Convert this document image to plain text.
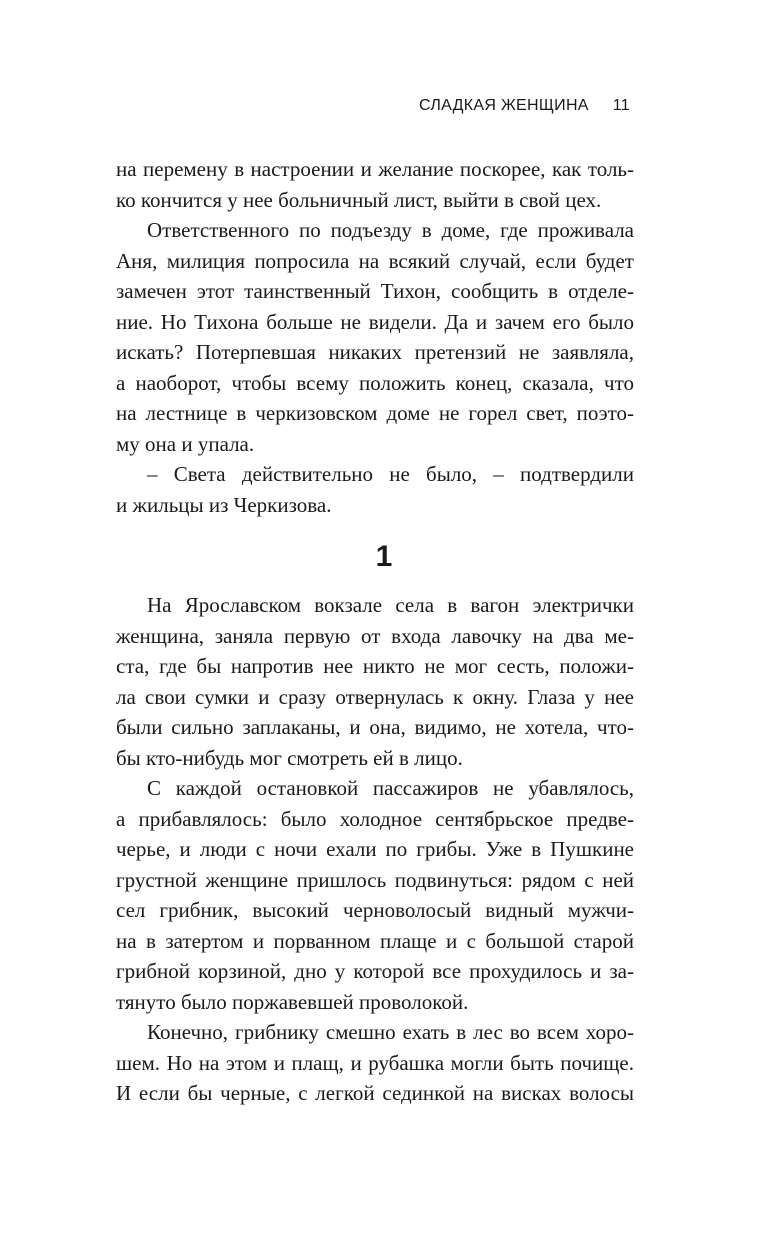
СЛАДКАЯ ЖЕНЩИНА 11
на перемену в настроении и желание поскорее, как толь-
ко кончится у нее больничный лист, выйти в свой цех.
Ответственного по подъезду в доме, где проживала
Аня, милиция попросила на всякий случай, если будет
замечен этот таинственный Тихон, сообщить в отделе-
ние. Но Тихона больше не видели. Да и зачем его было
искать? Потерпевшая никаких претензий не заявляла,
а наоборот, чтобы всему положить конец, сказала, что
на лестнице в черкизовском доме не горел свет, поэто-
му она и упала.
– Света действительно не было, – подтвердили
и жильцы из Черкизова.
1
На Ярославском вокзале села в вагон электрички
женщина, заняла первую от входа лавочку на два ме-
ста, где бы напротив нее никто не мог сесть, положи-
ла свои сумки и сразу отвернулась к окну. Глаза у нее
были сильно заплаканы, и она, видимо, не хотела, что-
бы кто-нибудь мог смотреть ей в лицо.
С каждой остановкой пассажиров не убавлялось,
а прибавлялось: было холодное сентябрьское предве-
черье, и люди с ночи ехали по грибы. Уже в Пушкине
грустной женщине пришлось подвинуться: рядом с ней
сел грибник, высокий черноволосый видный мужчи-
на в затертом и порванном плаще и с большой старой
грибной корзиной, дно у которой все прохудилось и за-
тянуто было поржавевшей проволокой.
Конечно, грибнику смешно ехать в лес во всем хоро-
шем. Но на этом и плащ, и рубашка могли быть почище.
И если бы черные, с легкой сединкой на висках волосы
